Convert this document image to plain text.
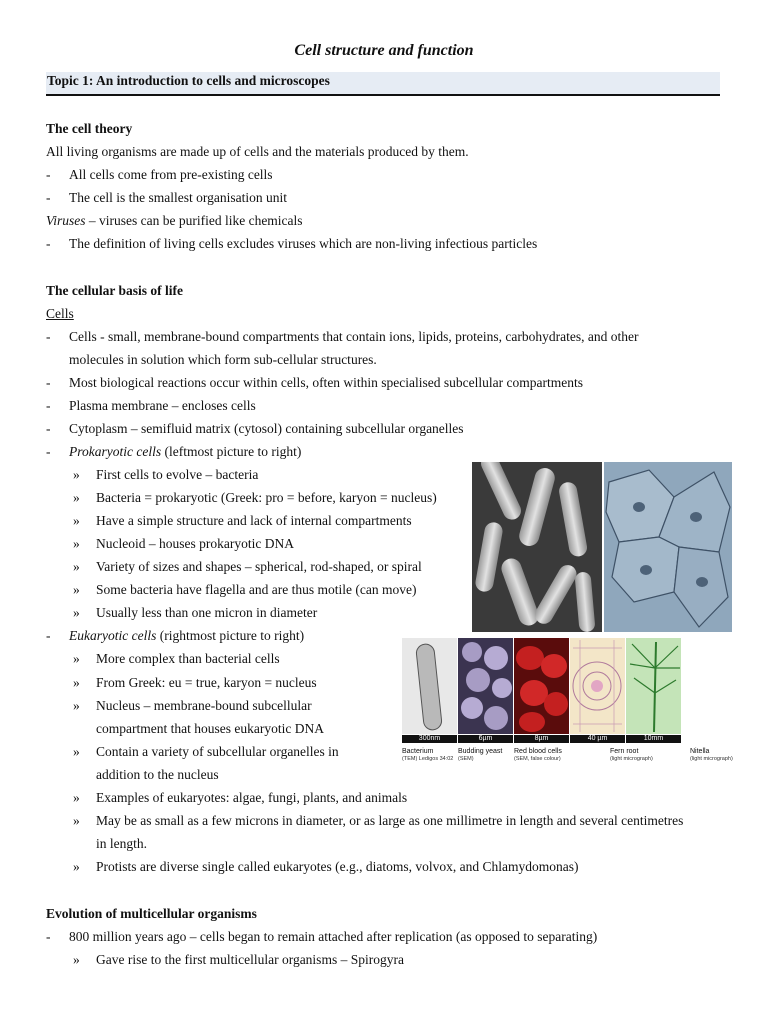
Cell structure and function
Topic 1: An introduction to cells and microscopes
The cell theory
All living organisms are made up of cells and the materials produced by them.
- All cells come from pre-existing cells
- The cell is the smallest organisation unit
Viruses – viruses can be purified like chemicals
- The definition of living cells excludes viruses which are non-living infectious particles
The cellular basis of life
Cells
- Cells - small, membrane-bound compartments that contain ions, lipids, proteins, carbohydrates, and other
molecules in solution which form sub-cellular structures.
- Most biological reactions occur within cells, often within specialised subcellular compartments
- Plasma membrane – encloses cells
- Cytoplasm – semifluid matrix (cytosol) containing subcellular organelles
- Prokaryotic cells (leftmost picture to right)
» First cells to evolve – bacteria
» Bacteria = prokaryotic (Greek: pro = before, karyon = nucleus)
» Have a simple structure and lack of internal compartments
» Nucleoid – houses prokaryotic DNA
» Variety of sizes and shapes – spherical, rod-shaped, or spiral
» Some bacteria have flagella and are thus motile (can move)
» Usually less than one micron in diameter
- Eukaryotic cells (rightmost picture to right)
» More complex than bacterial cells
» From Greek: eu = true, karyon = nucleus
» Nucleus – membrane-bound subcellular
compartment that houses eukaryotic DNA
» Contain a variety of subcellular organelles in
addition to the nucleus
» Examples of eukaryotes: algae, fungi, plants, and animals
» May be as small as a few microns in diameter, or as large as one millimetre in length and several centimetres
in length.
» Protists are diverse single called eukaryotes (e.g., diatoms, volvox, and Chlamydomonas)
Evolution of multicellular organisms
- 800 million years ago – cells began to remain attached after replication (as opposed to separating)
» Gave rise to the first multicellular organisms – Spirogyra
300nm	6µm	8µm	40 µm	10mm
Bacterium
(TEM) Ledigos 34:02
Budding yeast
(SEM)
Red blood cells
(SEM, false colour)
Fern root
(light micrograph)
Nitella
(light micrograph)
